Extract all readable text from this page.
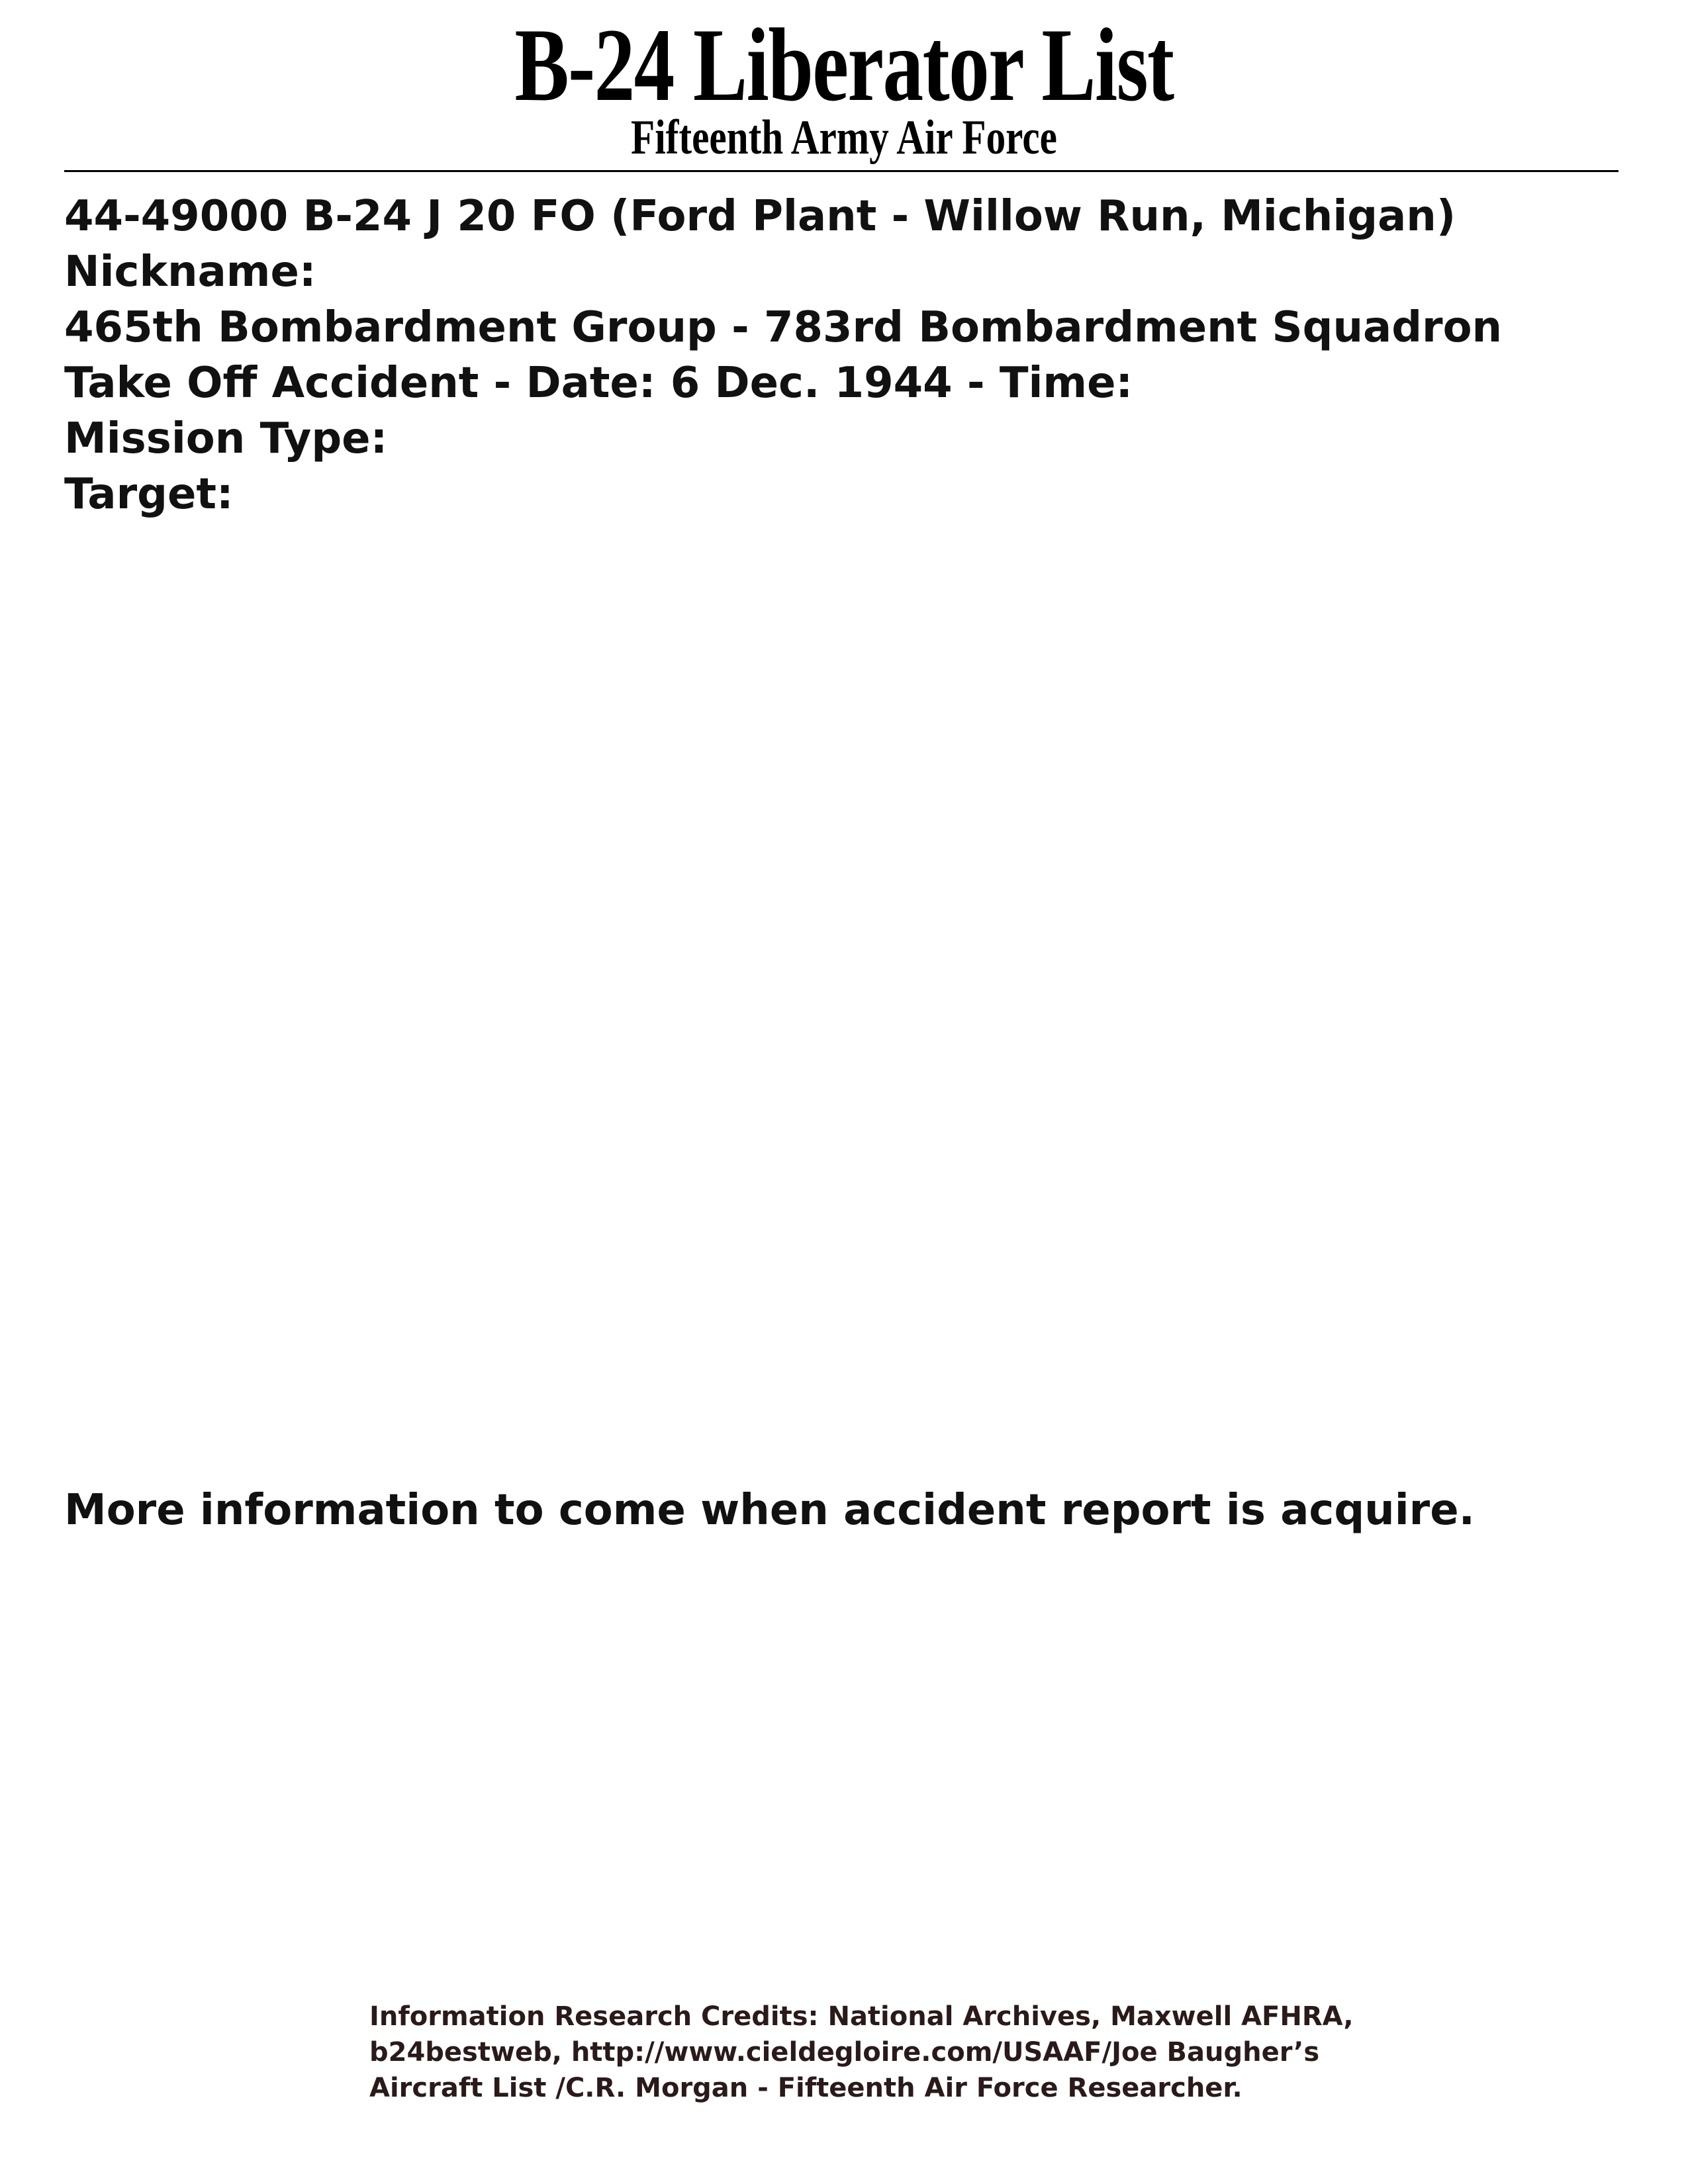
B-24 Liberator List
Fifteenth Army Air Force
44-49000 B-24 J 20 FO (Ford Plant - Willow Run, Michigan)
Nickname:
465th Bombardment Group - 783rd Bombardment Squadron
Take Off Accident - Date: 6 Dec. 1944 - Time:
Mission Type:
Target:
More information to come when accident report is acquire.
Information Research Credits: National Archives, Maxwell AFHRA,
b24bestweb, http://www.cieldegloire.com/USAAF/Joe Baugher’s
Aircraft List /C.R. Morgan - Fifteenth Air Force Researcher.
